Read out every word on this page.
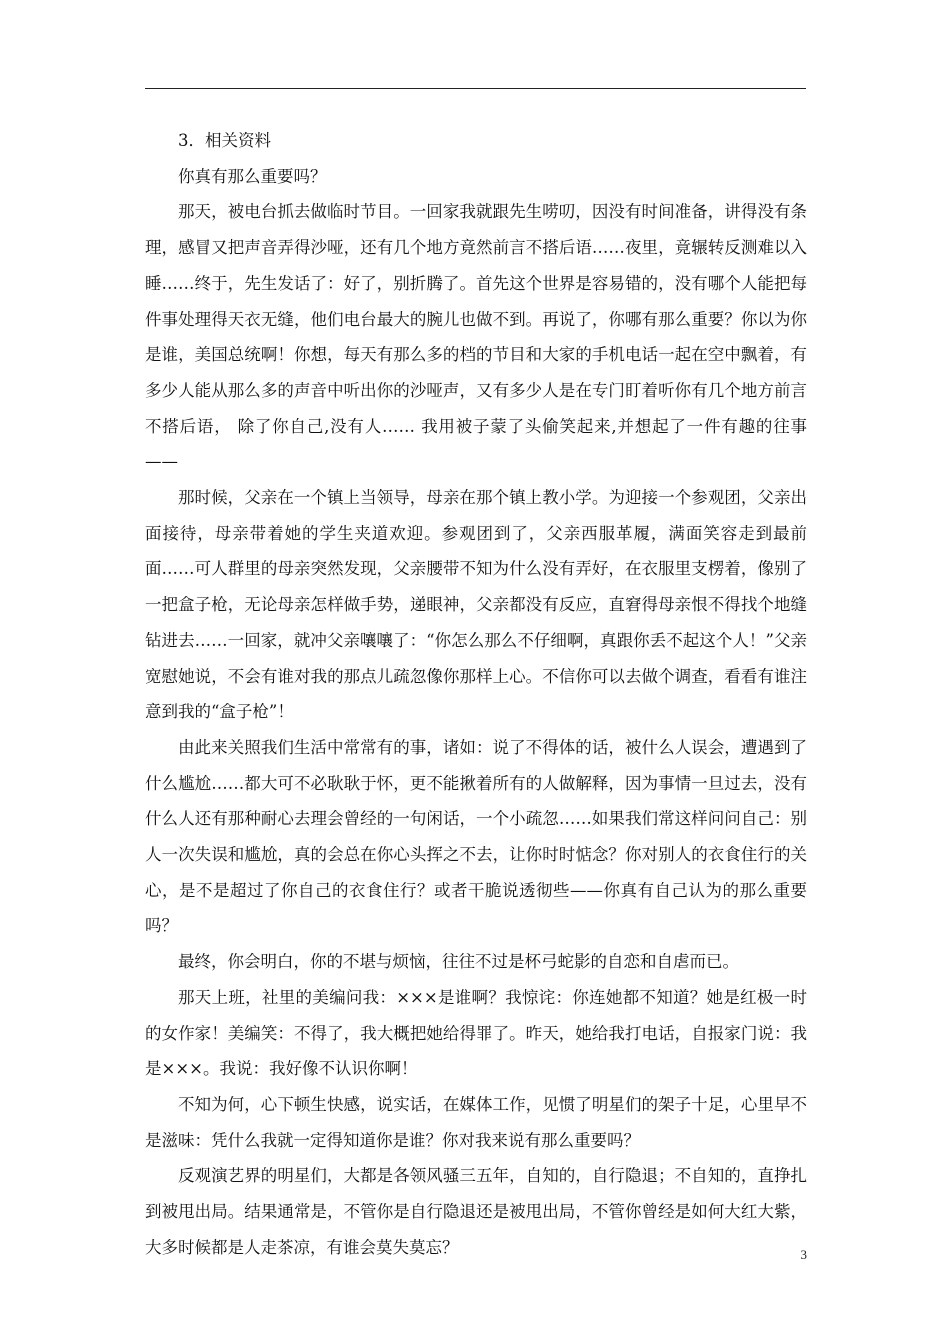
3．相关资料

你真有那么重要吗？

那天，被电台抓去做临时节目。一回家我就跟先生唠叨，因没有时间准备，讲得没有条理，感冒又把声音弄得沙哑，还有几个地方竟然前言不搭后语……夜里，竟辗转反测难以入睡……终于，先生发话了：好了，别折腾了。首先这个世界是容易错的，没有哪个人能把每件事处理得天衣无缝，他们电台最大的腕儿也做不到。再说了，你哪有那么重要？你以为你是谁，美国总统啊！你想，每天有那么多的档的节目和大家的手机电话一起在空中飘着，有多少人能从那么多的声音中听出你的沙哑声，又有多少人是在专门盯着听你有几个地方前言不搭后语， 除了你自己,没有人…… 我用被子蒙了头偷笑起来,并想起了一件有趣的往事——

那时候，父亲在一个镇上当领导，母亲在那个镇上教小学。为迎接一个参观团，父亲出面接待，母亲带着她的学生夹道欢迎。参观团到了，父亲西服革履，满面笑容走到最前面……可人群里的母亲突然发现，父亲腰带不知为什么没有弄好，在衣服里支楞着，像别了一把盒子枪，无论母亲怎样做手势，递眼神，父亲都没有反应，直窘得母亲恨不得找个地缝钻进去……一回家，就冲父亲嚷嚷了：“你怎么那么不仔细啊，真跟你丢不起这个人！”父亲宽慰她说，不会有谁对我的那点儿疏忽像你那样上心。不信你可以去做个调查，看看有谁注意到我的“盒子枪”！

由此来关照我们生活中常常有的事，诸如：说了不得体的话，被什么人误会，遭遇到了什么尴尬……都大可不必耿耿于怀，更不能揪着所有的人做解释，因为事情一旦过去，没有什么人还有那种耐心去理会曾经的一句闲话，一个小疏忽……如果我们常这样问问自己：别人一次失误和尴尬，真的会总在你心头挥之不去，让你时时惦念？你对别人的衣食住行的关心，是不是超过了你自己的衣食住行？或者干脆说透彻些——你真有自己认为的那么重要吗？

最终，你会明白，你的不堪与烦恼，往往不过是杯弓蛇影的自恋和自虐而已。

那天上班，社里的美编问我：×××是谁啊？我惊诧：你连她都不知道？她是红极一时的女作家！美编笑：不得了，我大概把她给得罪了。昨天，她给我打电话，自报家门说：我是×××。我说：我好像不认识你啊！

不知为何，心下顿生快感，说实话，在媒体工作，见惯了明星们的架子十足，心里早不是滋味：凭什么我就一定得知道你是谁？你对我来说有那么重要吗？

反观演艺界的明星们，大都是各领风骚三五年，自知的，自行隐退；不自知的，直挣扎到被甩出局。结果通常是，不管你是自行隐退还是被甩出局，不管你曾经是如何大红大紫，大多时候都是人走茶凉，有谁会莫失莫忘？	3
